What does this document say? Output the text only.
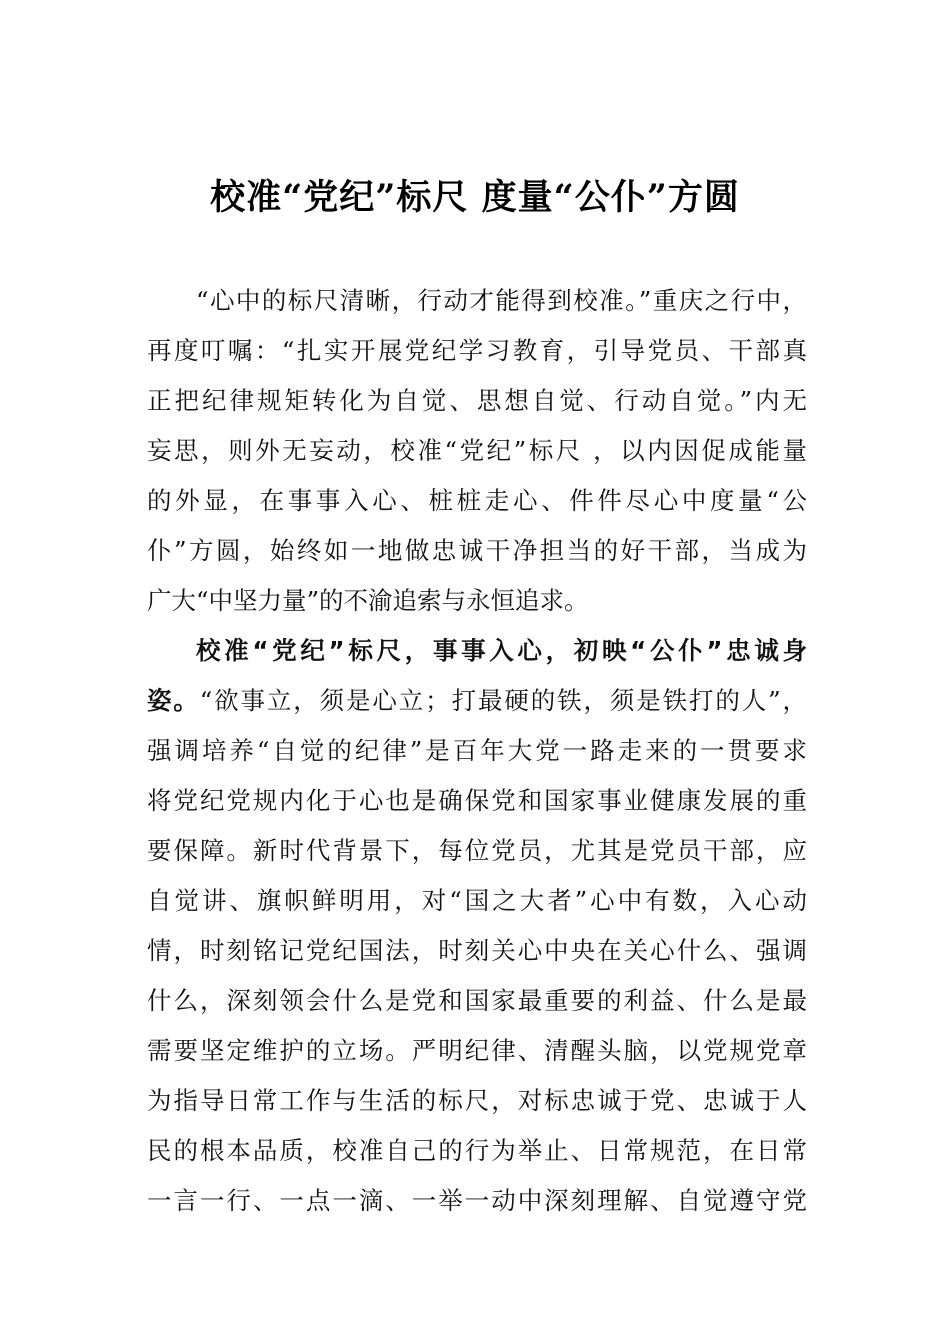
校准“党纪”标尺 度量“公仆”方圆
“心中的标尺清晰，行动才能得到校准。”重庆之行中，
再度叮嘱：“扎实开展党纪学习教育，引导党员、干部真
正把纪律规矩转化为自觉、思想自觉、行动自觉。”内无
妄思，则外无妄动，校准“党纪”标尺 ，以内因促成能量
的外显，在事事入心、桩桩走心、件件尽心中度量“公
仆”方圆，始终如一地做忠诚干净担当的好干部，当成为
广大“中坚力量”的不渝追索与永恒追求。
校准“党纪”标尺，事事入心，初映“公仆”忠诚身
姿。“欲事立，须是心立；打最硬的铁，须是铁打的人”，
强调培养“自觉的纪律”是百年大党一路走来的一贯要求
将党纪党规内化于心也是确保党和国家事业健康发展的重
要保障。新时代背景下，每位党员，尤其是党员干部，应
自觉讲、旗帜鲜明用，对“国之大者”心中有数，入心动
情，时刻铭记党纪国法，时刻关心中央在关心什么、强调
什么，深刻领会什么是党和国家最重要的利益、什么是最
需要坚定维护的立场。严明纪律、清醒头脑，以党规党章
为指导日常工作与生活的标尺，对标忠诚于党、忠诚于人
民的根本品质，校准自己的行为举止、日常规范，在日常
一言一行、一点一滴、一举一动中深刻理解、自觉遵守党
